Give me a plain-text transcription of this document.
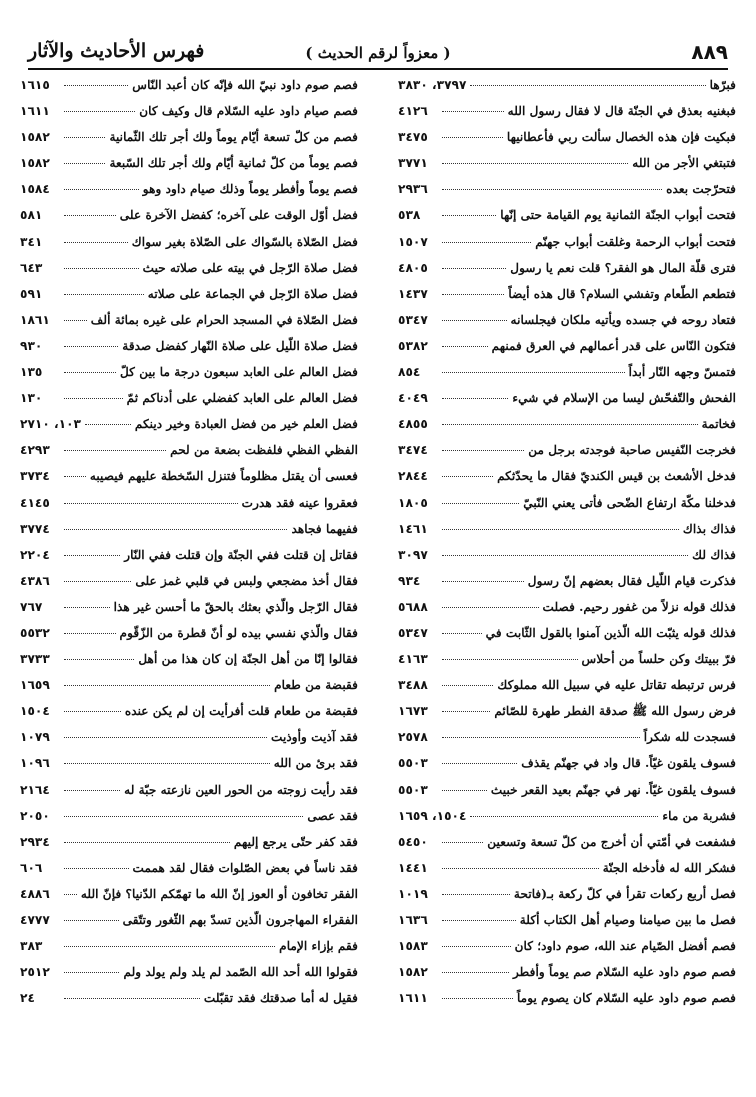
٨٨٩
( معزواً لرقم الحديث )
فهرس الأحاديث والآثار
فبرّها
٣٧٩٧، ٣٨٣٠
فبغنيه بعذق في الجنّة قال لا فقال رسول الله
٤١٢٦
فبكيت فإن هذه الخصال سألت ربي فأعطانيها
٣٤٧٥
فتبتغي الأجر من الله
٣٧٧١
فتحرّجت بعده
٢٩٣٦
فتحت أبواب الجنّة الثمانية يوم القيامة حتى إنّها
٥٣٨
فتحت أبواب الرحمة وغلقت أبواب جهنّم
١٥٠٧
فترى قلّة المال هو الفقر؟ قلت نعم يا رسول
٤٨٠٥
فتطعم الطّعام وتفشي السلام؟ قال هذه أيضاً
١٤٣٧
فتعاد روحه في جسده ويأتيه ملكان فيجلسانه
٥٣٤٧
فتكون النّاس على قدر أعمالهم في العرق فمنهم
٥٣٨٢
فتمسّ وجهه النّار أبداً
٨٥٤
الفحش والتّفحّش ليسا من الإسلام في شيء
٤٠٤٩
فخاتمة
٤٨٥٥
فخرجت النّفيس صاحبة فوجدته برجل من
٣٤٧٤
فدخل الأشعث بن قيس الكنديّ فقال ما يحدّثكم
٢٨٤٤
فدخلنا مكّة ارتفاع الضّحى فأتى يعني النّبيّ
١٨٠٥
فذاك بذاك
١٤٦١
فذاك لك
٣٠٩٧
فذكرت قيام اللّيل فقال بعضهم إنّ رسول
٩٣٤
فذلك قوله نزلاً من غفور رحيم. فصلت
٥٦٨٨
فذلك قوله يثبّت الله الّذين آمنوا بالقول الثّابت في
٥٣٤٧
فرّ ببيتك وكن حلساً من أحلاس
٤١٦٣
فرس ترتبطه تقاتل عليه في سبيل الله مملوكك
٣٤٨٨
فرض رسول الله ﷺ صدقة الفطر طهرة للصّائم
١٦٧٣
فسجدت لله شكراً
٢٥٧٨
فسوف يلقون غيّاً. قال واد في جهنّم يقذف
٥٥٠٣
فسوف يلقون غيّاً. نهر في جهنّم بعيد القعر خبيث
٥٥٠٣
فشربة من ماء
١٥٠٤، ١٦٥٩
فشفعت في أمّتي أن أخرج من كلّ تسعة وتسعين
٥٤٥٠
فشكر الله له فأدخله الجنّة
١٤٤١
فصل أربع ركعات تقرأ في كلّ ركعة بـ(فاتحة
١٠١٩
فصل ما بين صيامنا وصيام أهل الكتاب أكلة
١٦٣٦
فصم أفضل الصّيام عند الله، صوم داود؛ كان
١٥٨٣
فصم صوم داود عليه السّلام صم يوماً وأفطر
١٥٨٢
فصم صوم داود عليه السّلام كان يصوم يوماً
١٦١١
فصم صوم داود نبيّ الله فإنّه كان أعبد النّاس
١٦١٥
فصم صيام داود عليه السّلام قال وكيف كان
١٦١١
فصم من كلّ تسعة أيّام يوماً ولك أجر تلك الثّمانية
١٥٨٢
فصم يوماً من كلّ ثمانية أيّام ولك أجر تلك السّبعة
١٥٨٢
فصم يوماً وأفطر يوماً وذلك صيام داود وهو
١٥٨٤
فضل أوّل الوقت على آخره؛ كفضل الآخرة على
٥٨١
فضل الصّلاة بالسّواك على الصّلاة بغير سواك
٣٤١
فضل صلاة الرّجل في بيته على صلاته حيث
٦٤٣
فضل صلاة الرّجل في الجماعة على صلاته
٥٩١
فضل الصّلاة في المسجد الحرام على غيره بمائة ألف
١٨٦١
فضل صلاة اللّيل على صلاة النّهار كفضل صدقة
٩٣٠
فضل العالم على العابد سبعون درجة ما بين كلّ
١٣٥
فضل العالم على العابد كفضلي على أدناكم ثمّ
١٣٠
فضل العلم خير من فضل العبادة وخير دينكم
١٠٣، ٢٧١٠
الفظي الفظي فلفظت بضعة من لحم
٤٢٩٣
فعسى أن يقتل مظلوماً فتنزل السّخطة عليهم فيصيبه
٣٧٣٤
فعقروا عينه فقد هدرت
٤١٤٥
ففيهما فجاهد
٣٧٧٤
فقاتل إن قتلت ففي الجنّة وإن قتلت ففي النّار
٢٢٠٤
فقال أخذ مضجعي ولبس في قلبي غمز على
٤٣٨٦
فقال الرّجل والّذي بعثك بالحقّ ما أحسن غير هذا
٧٦٧
فقال والّذي نفسي بيده لو أنّ قطرة من الزّقّوم
٥٥٣٢
فقالوا إنّا من أهل الجنّة إن كان هذا من أهل
٣٧٣٣
فقبضة من طعام
١٦٥٩
فقبضة من طعام قلت أفرأيت إن لم يكن عنده
١٥٠٤
فقد آذيت وأوذيت
١٠٧٩
فقد برئ من الله
١٠٩٦
فقد رأيت زوجته من الحور العين نازعته جبّة له
٢١٦٤
فقد عصى
٢٠٥٠
فقد كفر حتّى يرجع إليهم
٢٩٣٤
فقد ناساً في بعض الصّلوات فقال لقد هممت
٦٠٦
الفقر تخافون أو العوز إنّ الله ما تهمّكم الدّنيا؟ فإنّ الله
٤٨٨٦
الفقراء المهاجرون الّذين تسدّ بهم الثّغور وتتّقى
٤٧٧٧
فقم بإزاء الإمام
٣٨٣
فقولوا الله أحد الله الصّمد لم يلد ولم يولد ولم
٢٥١٢
فقيل له أما صدقتك فقد تقبّلت
٢٤
